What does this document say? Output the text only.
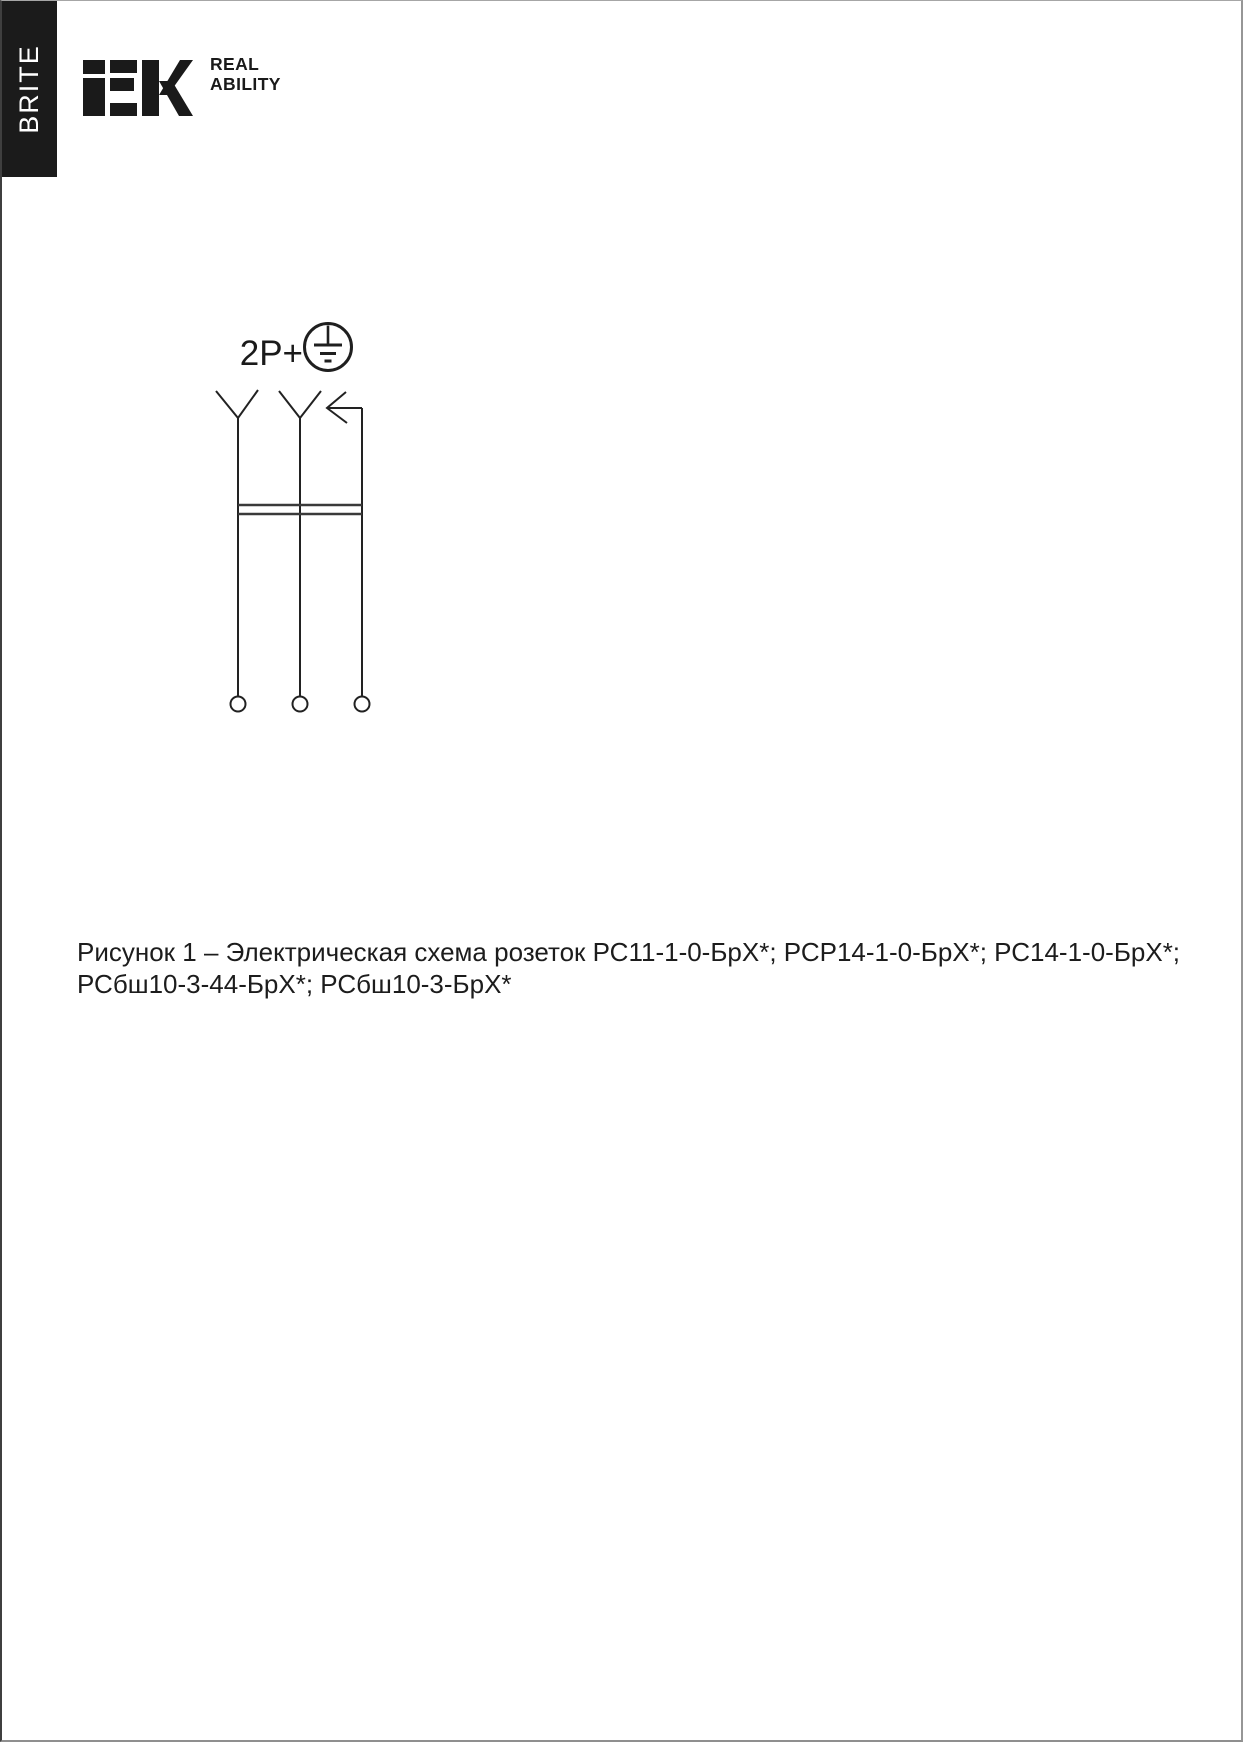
BRITE	REAL
ABILITY
2P+
Рисунок 1 – Электрическая схема розеток РС11-1-0-БрХ*; РСР14-1-0-БрХ*; РС14-1-0-БрХ*;
РСбш10-3-44-БрХ*; РСбш10-3-БрХ*
